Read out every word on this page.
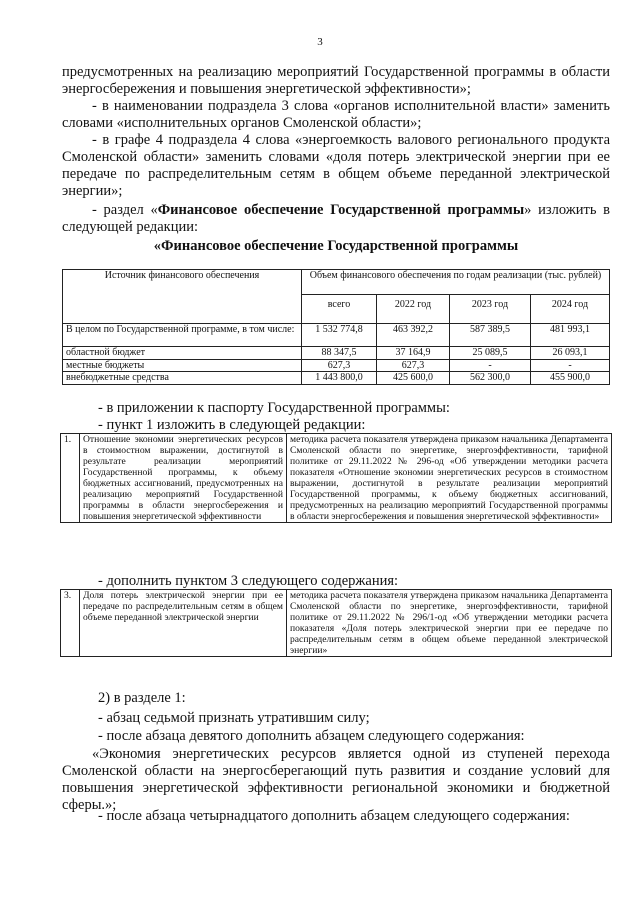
3
предусмотренных на реализацию мероприятий Государственной программы в области энергосбережения и повышения энергетической эффективности»;
- в наименовании подраздела 3 слова «органов исполнительной власти» заменить словами «исполнительных органов Смоленской области»;
- в графе 4 подраздела 4 слова «энергоемкость валового регионального продукта Смоленской области» заменить словами «доля потерь электрической энергии при ее передаче по распределительным сетям в общем объеме переданной электрической энергии»;
- раздел «Финансовое обеспечение Государственной программы» изложить в следующей редакции:
«Финансовое обеспечение Государственной программы
Источник финансового обеспечения	Объем финансового обеспечения по годам реализации (тыс. рублей)			
	всего	2022 год	2023 год	2024 год
В целом по Государственной программе, в том числе:	1 532 774,8	463 392,2	587 389,5	481 993,1
областной бюджет	88 347,5	37 164,9	25 089,5	26 093,1
местные бюджеты	627,3	627,3	-	-
внебюджетные средства	1 443 800,0	425 600,0	562 300,0	455 900,0
- в приложении к паспорту Государственной программы:
- пункт 1 изложить в следующей редакции:
1.	Отношение экономии энергетических ресурсов в стоимостном выражении, достигнутой в результате реализации мероприятий Государственной программы, к объему бюджетных ассигнований, предусмотренных на реализацию мероприятий Государственной программы в области энергосбережения и повышения энергетической эффективности	методика расчета показателя утверждена приказом начальника Департамента Смоленской области по энергетике, энергоэффективности, тарифной политике от 29.11.2022 № 296-од «Об утверждении методики расчета показателя «Отношение экономии энергетических ресурсов в стоимостном выражении, достигнутой в результате реализации мероприятий Государственной программы, к объему бюджетных ассигнований, предусмотренных на реализацию мероприятий Государственной программы в области энергосбережения и повышения энергетической эффективности»
- дополнить пунктом 3 следующего содержания:
3.	Доля потерь электрической энергии при ее передаче по распределительным сетям в общем объеме переданной электрической энергии	методика расчета показателя утверждена приказом начальника Департамента Смоленской области по энергетике, энергоэффективности, тарифной политике от 29.11.2022 № 296/1-од «Об утверждении методики расчета показателя «Доля потерь электрической энергии при ее передаче по распределительным сетям в общем объеме переданной электрической энергии»
2) в разделе 1:
- абзац седьмой признать утратившим силу;
- после абзаца девятого дополнить абзацем следующего содержания:
«Экономия энергетических ресурсов является одной из ступеней перехода Смоленской области на энергосберегающий путь развития и создание условий для повышения энергетической эффективности региональной экономики и бюджетной сферы.»;
- после абзаца четырнадцатого дополнить абзацем следующего содержания:
